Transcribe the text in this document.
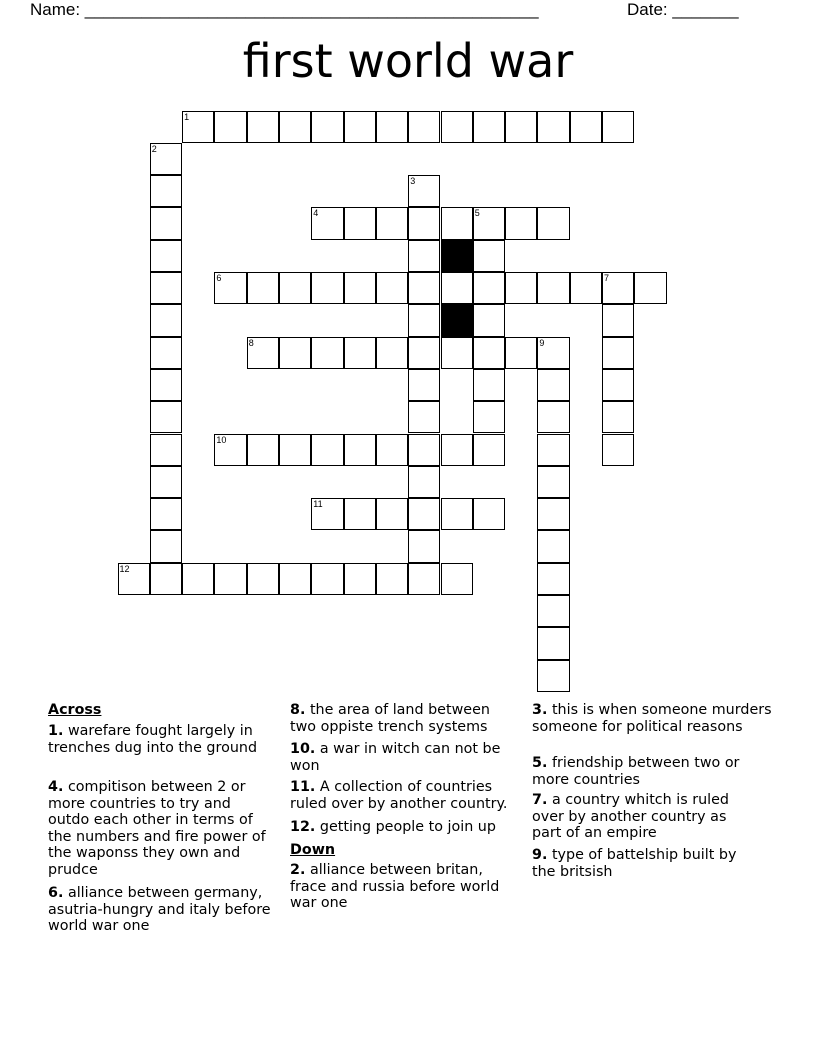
Name: ________________________________________________	Date: _______
first world war
1
2
3
4	5
6	7
8	9
10
11
12
Across
1. warefare fought largely in trenches dug into the ground
4. compitison between 2 or more countries to try and outdo each other in terms of the numbers and fire power of the waponss they own and prudce
6. alliance between germany, asutria-hungry and italy before world war one
8. the area of land between two oppiste trench systems
10. a war in witch can not be won
11. A collection of countries ruled over by another country.
12. getting people to join up
Down
2. alliance between britan, frace and russia before world war one
3. this is when someone murders someone for political reasons
5. friendship between two or more countries
7. a country whitch is ruled over by another country as part of an empire
9. type of battelship built by the britsish
